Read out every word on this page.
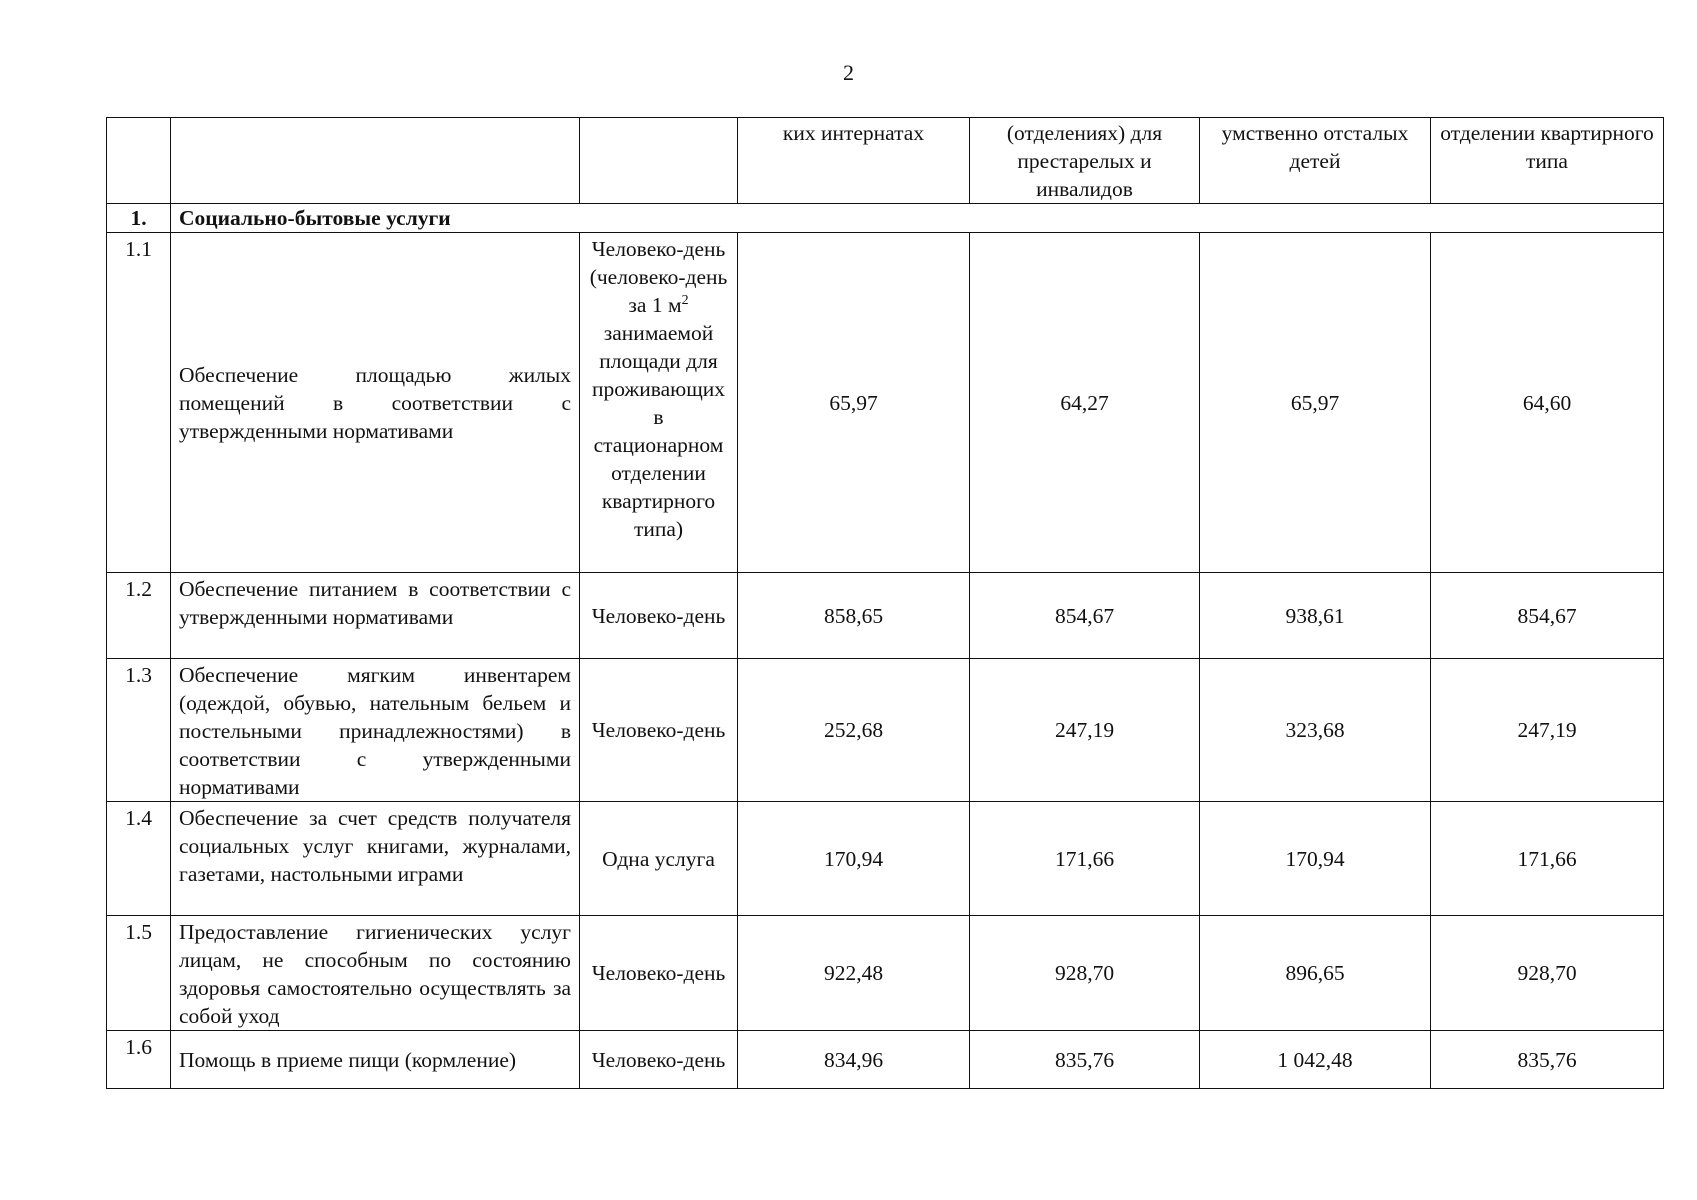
2
			ких интернатах	(отделениях) для престарелых и инвалидов	умственно отсталых детей	отделении квартирного типа
1.	Социально-бытовые услуги					
1.1	Обеспечение площадью жилых помещений в соответствии с утвержденными нормативами	Человеко-день (человеко-день за 1 $м^2$ занимаемой площади для проживающих в стационарном отделении квартирного типа)	65,97	64,27	65,97	64,60
1.2	Обеспечение питанием в соответствии с утвержденными нормативами	Человеко-день	858,65	854,67	938,61	854,67
1.3	Обеспечение мягким инвентарем (одеждой, обувью, нательным бельем и постельными принадлежностями) в соответствии с утвержденными нормативами	Человеко-день	252,68	247,19	323,68	247,19
1.4	Обеспечение за счет средств получателя социальных услуг книгами, журналами, газетами, настольными играми	Одна услуга	170,94	171,66	170,94	171,66
1.5	Предоставление гигиенических услуг лицам, не способным по состоянию здоровья самостоятельно осуществлять за собой уход	Человеко-день	922,48	928,70	896,65	928,70
1.6	Помощь в приеме пищи (кормление)	Человеко-день	834,96	835,76	1 042,48	835,76
